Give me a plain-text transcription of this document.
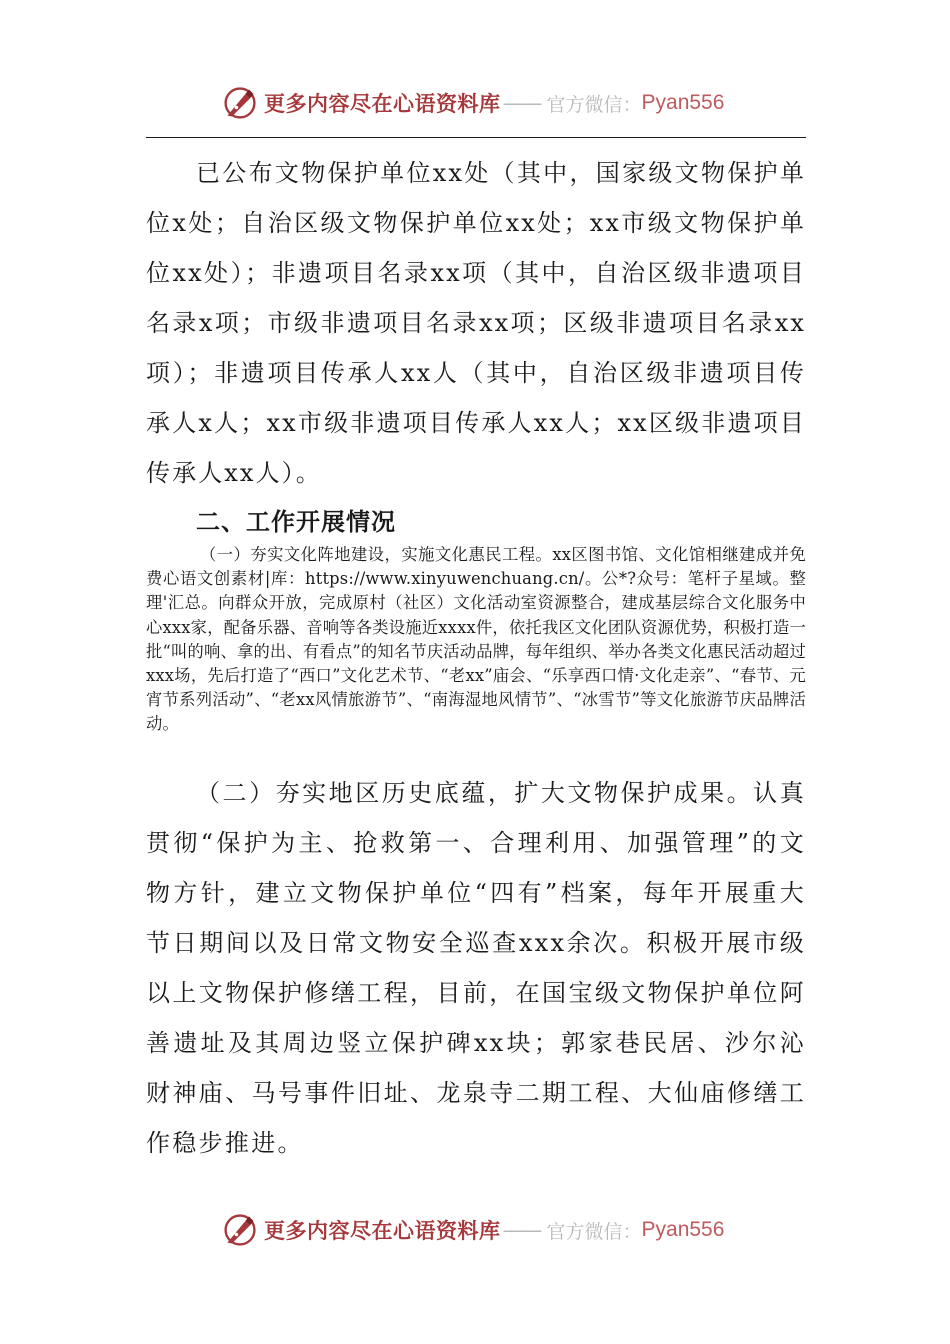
更多内容尽在心语资料库 —— 官方微信： Pyan556

已公布文物保护单位xx处（其中，国家级文物保护单位x处；自治区级文物保护单位xx处；xx市级文物保护单位xx处）；非遗项目名录xx项（其中，自治区级非遗项目名录x项；市级非遗项目名录xx项；区级非遗项目名录xx项）；非遗项目传承人xx人（其中，自治区级非遗项目传承人x人；xx市级非遗项目传承人xx人；xx区级非遗项目传承人xx人）。

二、工作开展情况

（一）夯实文化阵地建设，实施文化惠民工程。xx区图书馆、文化馆相继建成并免费心语文创素材|库：https://www.xinyuwenchuang.cn/。公*?众号：笔杆子星域。整理'汇总。向群众开放，完成原村（社区）文化活动室资源整合，建成基层综合文化服务中心xxx家，配备乐器、音响等各类设施近xxxx件，依托我区文化团队资源优势，积极打造一批“叫的响、拿的出、有看点”的知名节庆活动品牌，每年组织、举办各类文化惠民活动超过xxx场，先后打造了“西口”文化艺术节、“老xx”庙会、“乐享西口情·文化走亲”、“春节、元宵节系列活动”、“老xx风情旅游节”、“南海湿地风情节”、“冰雪节”等文化旅游节庆品牌活动。

（二）夯实地区历史底蕴，扩大文物保护成果。认真贯彻“保护为主、抢救第一、合理利用、加强管理”的文物方针，建立文物保护单位“四有”档案，每年开展重大节日期间以及日常文物安全巡查xxx余次。积极开展市级以上文物保护修缮工程，目前，在国宝级文物保护单位阿善遗址及其周边竖立保护碑xx块；郭家巷民居、沙尔沁财神庙、马号事件旧址、龙泉寺二期工程、大仙庙修缮工作稳步推进。

更多内容尽在心语资料库 —— 官方微信： Pyan556
